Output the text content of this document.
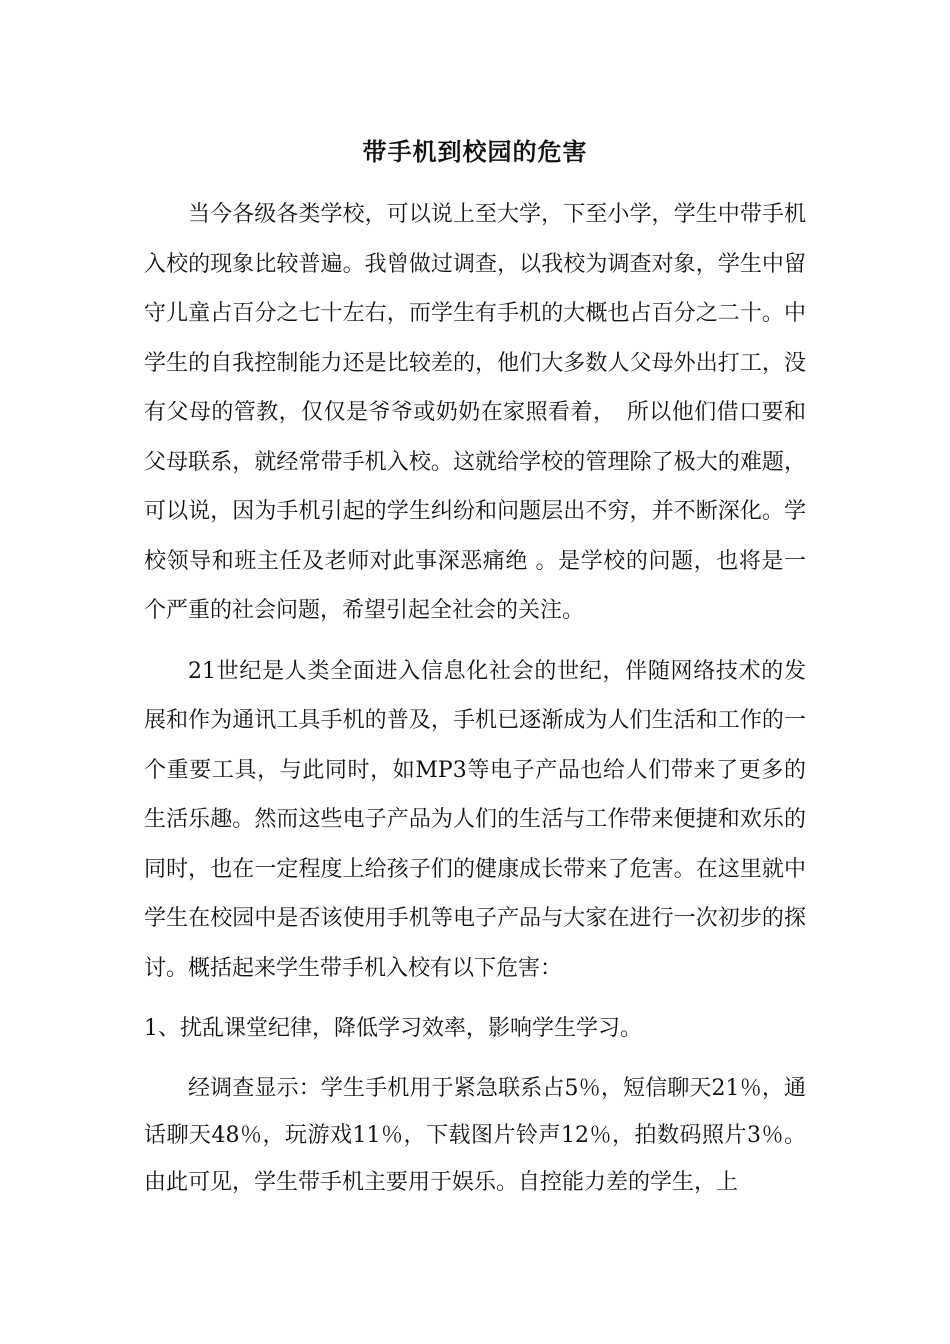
带手机到校园的危害

当今各级各类学校，可以说上至大学，下至小学，学生中带手机入校的现象比较普遍。我曾做过调查，以我校为调查对象，学生中留守儿童占百分之七十左右，而学生有手机的大概也占百分之二十。中学生的自我控制能力还是比较差的，他们大多数人父母外出打工，没有父母的管教，仅仅是爷爷或奶奶在家照看着，　所以他们借口要和父母联系，就经常带手机入校。这就给学校的管理除了极大的难题，可以说，因为手机引起的学生纠纷和问题层出不穷，并不断深化。学校领导和班主任及老师对此事深恶痛绝 。是学校的问题，也将是一个严重的社会问题，希望引起全社会的关注。

21世纪是人类全面进入信息化社会的世纪，伴随网络技术的发展和作为通讯工具手机的普及，手机已逐渐成为人们生活和工作的一个重要工具，与此同时，如MP3等电子产品也给人们带来了更多的生活乐趣。然而这些电子产品为人们的生活与工作带来便捷和欢乐的同时，也在一定程度上给孩子们的健康成长带来了危害。在这里就中学生在校园中是否该使用手机等电子产品与大家在进行一次初步的探讨。概括起来学生带手机入校有以下危害：

1、扰乱课堂纪律，降低学习效率，影响学生学习。

经调查显示：学生手机用于紧急联系占5％，短信聊天21％，通话聊天48％，玩游戏11％，下载图片铃声12％，拍数码照片3％。由此可见，学生带手机主要用于娱乐。自控能力差的学生，上
